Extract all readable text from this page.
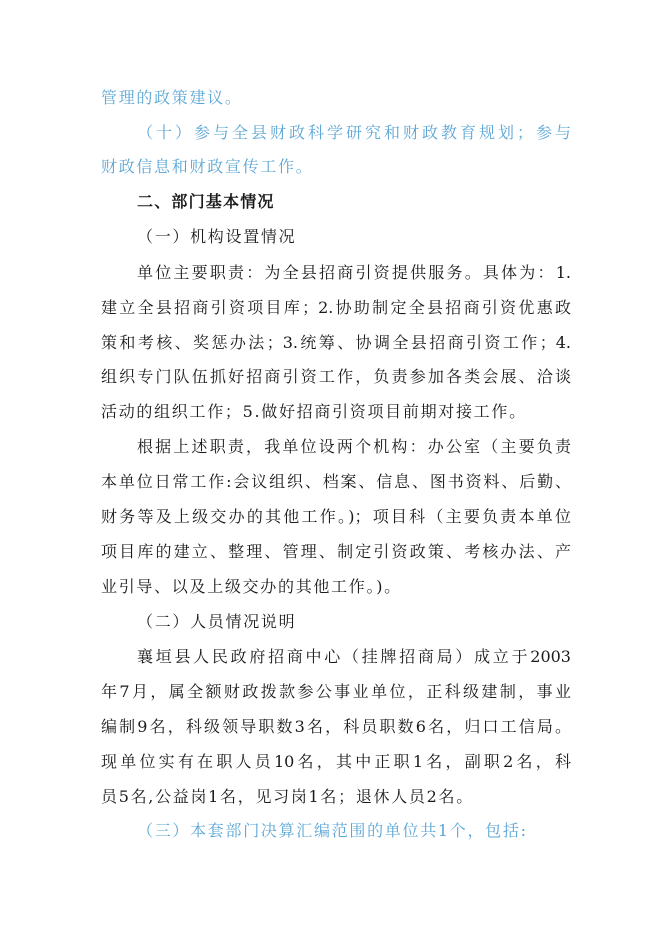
管理的政策建议。
（十）参与全县财政科学研究和财政教育规划；参与
财政信息和财政宣传工作。
二、部门基本情况
（一）机构设置情况
单位主要职责：为全县招商引资提供服务。具体为：1.
建立全县招商引资项目库；2.协助制定全县招商引资优惠政
策和考核、奖惩办法；3.统筹、协调全县招商引资工作；4.
组织专门队伍抓好招商引资工作，负责参加各类会展、洽谈
活动的组织工作；5.做好招商引资项目前期对接工作。
根据上述职责，我单位设两个机构：办公室（主要负责
本单位日常工作:会议组织、档案、信息、图书资料、后勤、
财务等及上级交办的其他工作。)；项目科（主要负责本单位
项目库的建立、整理、管理、制定引资政策、考核办法、产
业引导、以及上级交办的其他工作。)。
（二）人员情况说明
襄垣县人民政府招商中心（挂牌招商局）成立于2003
年7月，属全额财政拨款参公事业单位，正科级建制，事业
编制9名，科级领导职数3名，科员职数6名，归口工信局。
现单位实有在职人员10名，其中正职1名，副职2名，科
员5名,公益岗1名，见习岗1名；退休人员2名。
（三）本套部门决算汇编范围的单位共1个，包括:
